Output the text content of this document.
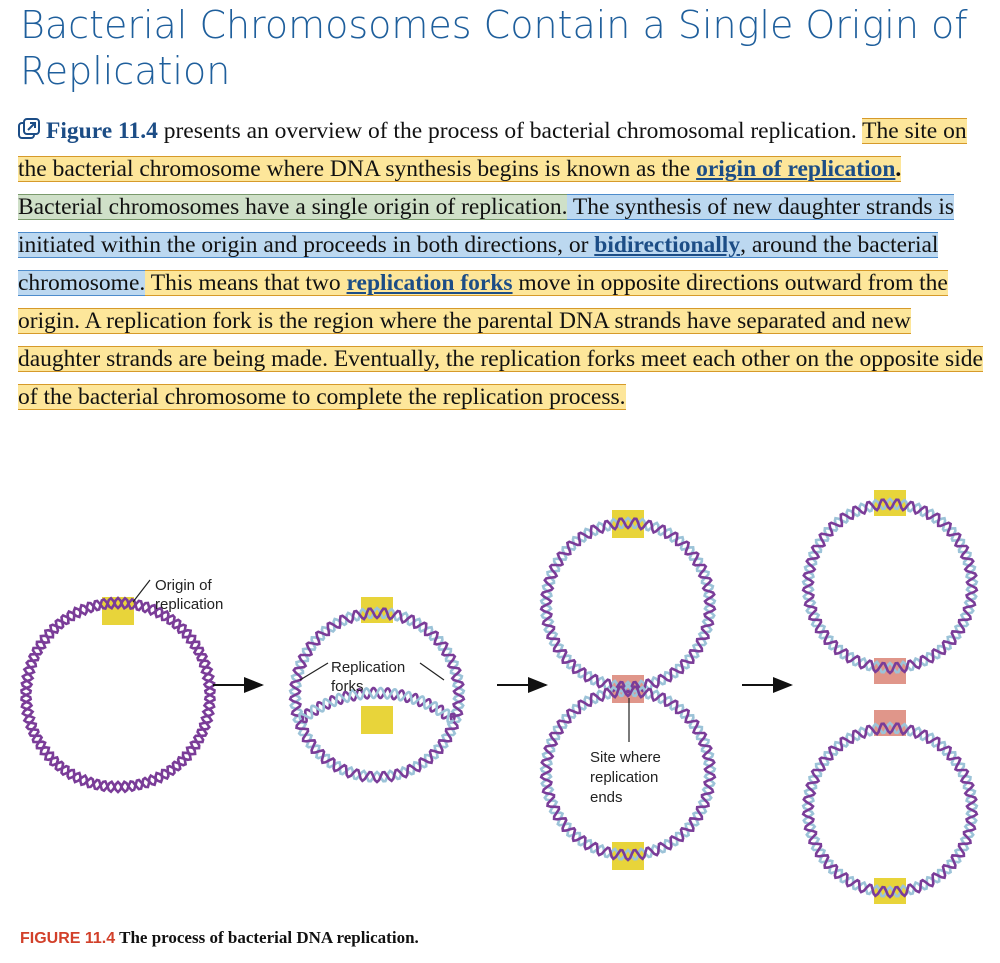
Bacterial Chromosomes Contain a Single Origin of Replication
Figure 11.4 presents an overview of the process of bacterial chromosomal replication. The site on the bacterial chromosome where DNA synthesis begins is known as the origin of replication. Bacterial chromosomes have a single origin of replication. The synthesis of new daughter strands is initiated within the origin and proceeds in both directions, or bidirectionally, around the bacterial chromosome. This means that two replication forks move in opposite directions outward from the origin. A replication fork is the region where the parental DNA strands have separated and new daughter strands are being made. Eventually, the replication forks meet each other on the opposite side of the bacterial chromosome to complete the replication process.
Origin of
replication
Replication
forks
Site where
replication
ends
FIGURE 11.4 The process of bacterial DNA replication.
